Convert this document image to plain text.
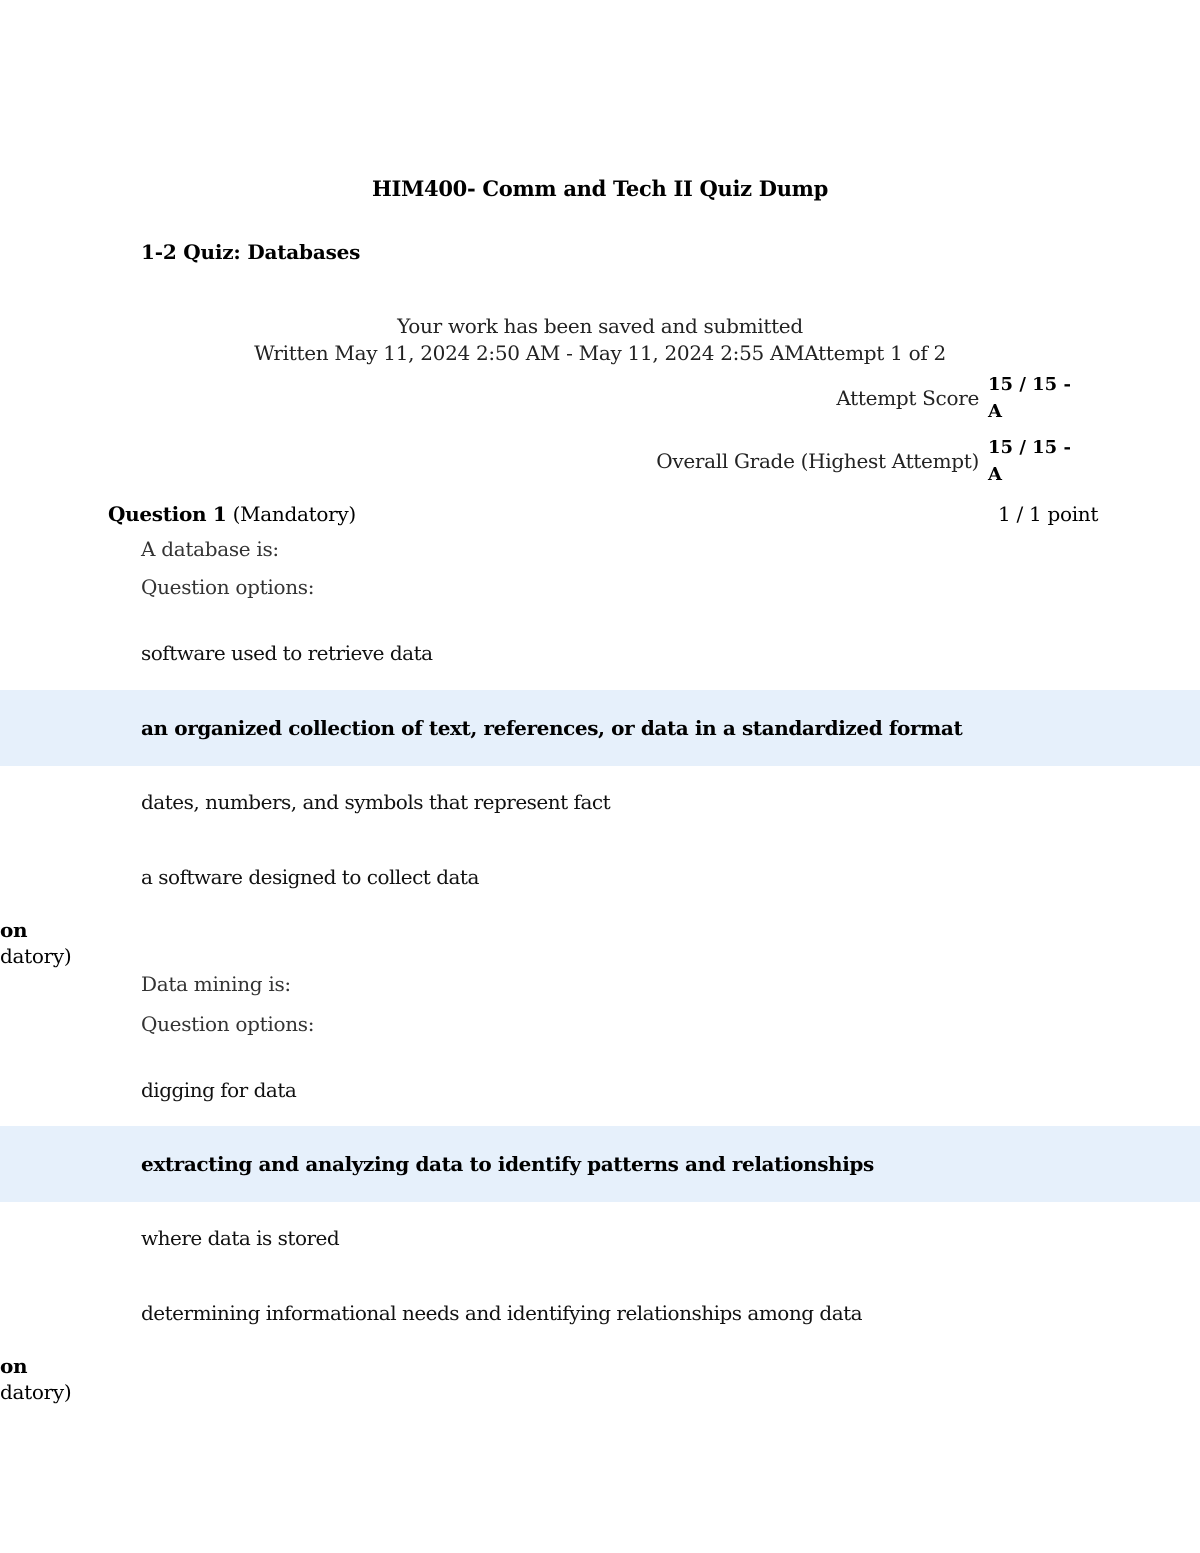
HIM400- Comm and Tech II Quiz Dump
1-2 Quiz: Databases
Your work has been saved and submitted
Written May 11, 2024 2:50 AM - May 11, 2024 2:55 AMAttempt 1 of 2
Attempt Score
15 / 15 - A
Overall Grade (Highest Attempt)
15 / 15 - A
Question 1 (Mandatory)	1 / 1 point
A database is:
Question options:
software used to retrieve data
an organized collection of text, references, or data in a standardized format
dates, numbers, and symbols that represent fact
a software designed to collect data
on
datory)
Data mining is:
Question options:
digging for data
extracting and analyzing data to identify patterns and relationships
where data is stored
determining informational needs and identifying relationships among data
on
datory)
